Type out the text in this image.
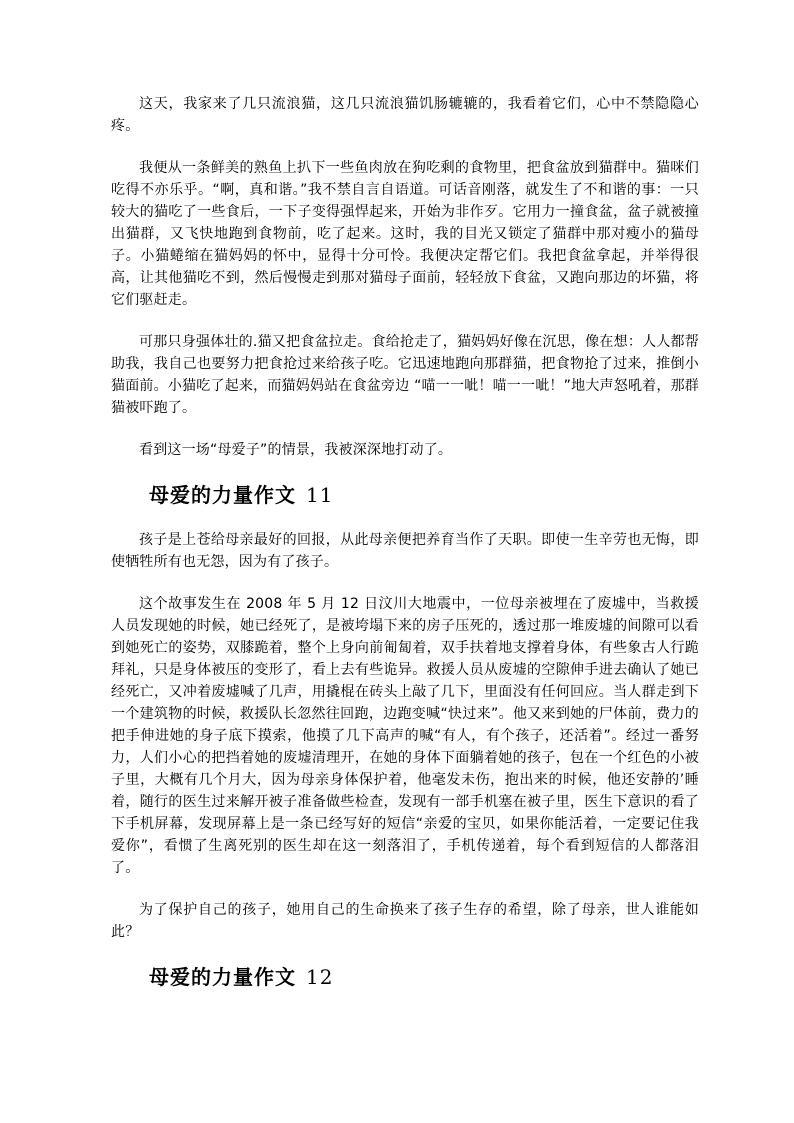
这天，我家来了几只流浪猫，这几只流浪猫饥肠辘辘的，我看着它们，心中不禁隐隐心疼。

我便从一条鲜美的熟鱼上扒下一些鱼肉放在狗吃剩的食物里，把食盆放到猫群中。猫咪们吃得不亦乐乎。“啊，真和谐。”我不禁自言自语道。可话音刚落，就发生了不和谐的事：一只较大的猫吃了一些食后，一下子变得强悍起来，开始为非作歹。它用力一撞食盆，盆子就被撞出猫群，又飞快地跑到食物前，吃了起来。这时，我的目光又锁定了猫群中那对瘦小的猫母子。小猫蜷缩在猫妈妈的怀中，显得十分可怜。我便决定帮它们。我把食盆拿起，并举得很高，让其他猫吃不到，然后慢慢走到那对猫母子面前，轻轻放下食盆，又跑向那边的坏猫，将它们驱赶走。

可那只身强体壮的.猫又把食盆拉走。食给抢走了，猫妈妈好像在沉思，像在想：人人都帮助我，我自己也要努力把食抢过来给孩子吃。它迅速地跑向那群猫，把食物抢了过来，推倒小猫面前。小猫吃了起来，而猫妈妈站在食盆旁边 “喵一一呲！喵一一呲！”地大声怒吼着，那群猫被吓跑了。

看到这一场“母爱子”的情景，我被深深地打动了。

母爱的力量作文 11

孩子是上苍给母亲最好的回报，从此母亲便把养育当作了天职。即使一生辛劳也无悔，即使牺牲所有也无怨，因为有了孩子。

这个故事发生在 2008 年 5 月 12 日汶川大地震中，一位母亲被埋在了废墟中，当救援人员发现她的时候，她已经死了，是被垮塌下来的房子压死的，透过那一堆废墟的间隙可以看到她死亡的姿势，双膝跪着，整个上身向前匍匐着，双手扶着地支撑着身体，有些象古人行跪拜礼，只是身体被压的变形了，看上去有些诡异。救援人员从废墟的空隙伸手进去确认了她已经死亡，又冲着废墟喊了几声，用撬棍在砖头上敲了几下，里面没有任何回应。当人群走到下一个建筑物的时候，救援队长忽然往回跑，边跑变喊“快过来”。他又来到她的尸体前，费力的把手伸进她的身子底下摸索，他摸了几下高声的喊“有人，有个孩子，还活着”。经过一番努力，人们小心的把挡着她的废墟清理开，在她的身体下面躺着她的孩子，包在一个红色的小被子里，大概有几个月大，因为母亲身体保护着，他毫发未伤，抱出来的时候，他还安静的’睡着，随行的医生过来解开被子准备做些检查，发现有一部手机塞在被子里，医生下意识的看了下手机屏幕，发现屏幕上是一条已经写好的短信“亲爱的宝贝，如果你能活着，一定要记住我爱你”，看惯了生离死别的医生却在这一刻落泪了，手机传递着，每个看到短信的人都落泪了。

为了保护自己的孩子，她用自己的生命换来了孩子生存的希望，除了母亲，世人谁能如此？

母爱的力量作文 12
